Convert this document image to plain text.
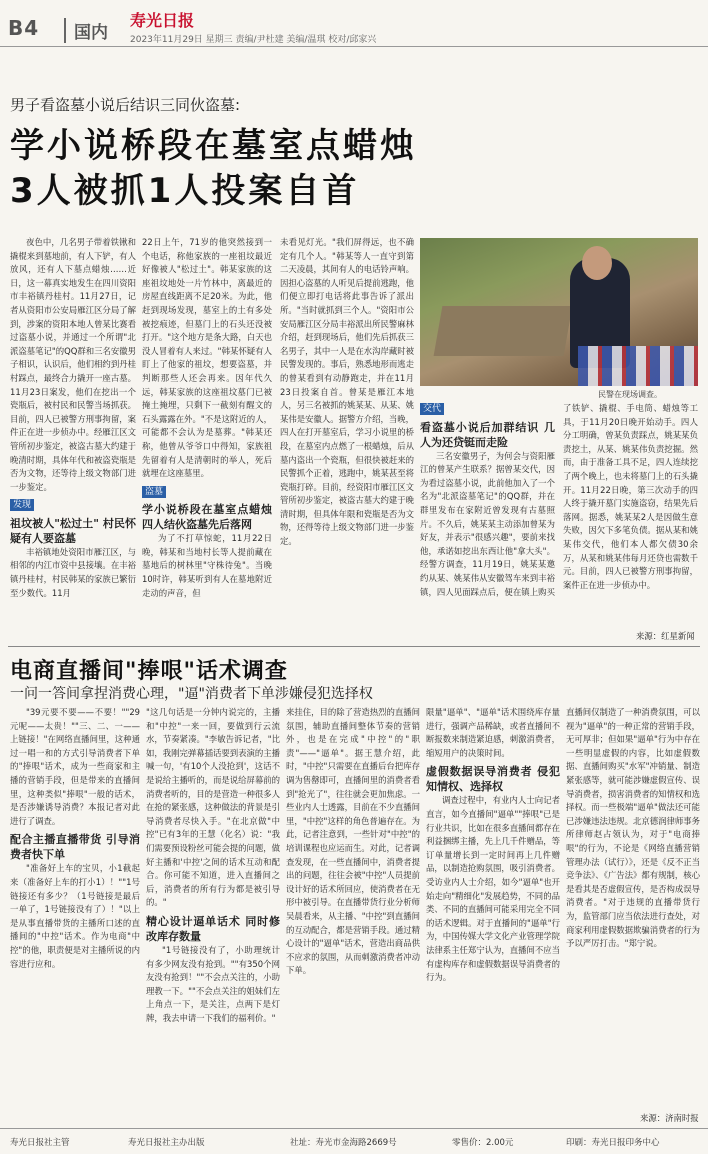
B4	国内
寿光日报
2023年11月29日 星期三 责编/尹杜建 美编/温琪 校对/邱家兴
男子看盗墓小说后结识三同伙盗墓:
学小说桥段在墓室点蜡烛
3人被抓1人投案自首
夜色中，几名男子带着铁锹和撬棍来到墓地前，有人下铲，有人放风，还有人下墓点蜡烛……近日，这一幕真实地发生在四川资阳市丰裕镇丹桂村。11月27日，记者从资阳市公安局雁江区分局了解到，涉案的资阳本地人曾某比赛看过盗墓小说，并通过一个所谓"北派盗墓笔记"的QQ群和三名安徽男子相识，认识后，他们相约到丹桂村踩点，最终合力撬开一座古墓。11月23日案发，他们在挖出一个瓷瓶后，被村民和民警当场抓获。目前，四人已被警方刑事拘留，案件正在进一步侦办中。经雁江区文管所初步鉴定，被盗古墓大约建于晚清时期，具体年代和被盗瓷瓶是否为文物，还等待上级文物部门进一步鉴定。
发现
祖坟被人"松过土" 村民怀疑有人要盗墓
丰裕镇地处资阳市雁江区，与相邻的内江市资中县接壤。在丰裕镇丹桂村，村民韩某的家族已繁衍至少数代。11月
22日上午，71岁的他突然接到一个电话，称他家族的一座祖坟最近好像被人"松过土"。韩某家族的这座祖坟地处一片竹林中，离最近的房屋直线距离不足20米。为此，他赶到现场发现，墓室上的土有多处被挖痕迹，但墓门上的石头还没被打开。"这个地方是条大路，白天也没人冒着有人来过。"韩某怀疑有人盯上了他家的祖坟，想要盗墓，并判断那些人还会再来。因年代久远，韩某家族的这座祖坟墓门已被掩土掩埋，只剩下一截刻有醒文的石头露露在外。"不是这附近的人，可能都不会认为是墓葬。"韩某还称，他曾从爷爷口中得知，家族祖先留着有人是清朝时的举人，死后就埋在这座墓里。
盗墓
学小说桥段在墓室点蜡烛 四人结伙盗墓先后落网
为了不打草惊蛇，11月22日晚，韩某和当地村长等人提前藏在墓地后的树林里"守株待兔"。当晚10时许，韩某听到有人在墓地附近走动的声音，但
未看见灯光。"我们屏得远，也不确定有几个人。"韩某等人一直守到第二天凌晨，其间有人的电话铃声响。因担心盗墓的人听见后提前逃跑，他们便立即打电话将此事告诉了派出所。"当时就抓到三个人。"资阳市公安局雁江区分局丰裕派出所民警麻林介绍，赶到现场后，他们先后抓获三名男子，其中一人是在水沟岸藏时被民警发现的。事后，熟悉地形而逃走的曾某看到有动静跑走，并在11月23日投案自首。曾某是雁江本地人，另三名被抓的姚某某、从某、姚某伟是安徽人。据警方介绍，当晚，四人在打开墓室后，学习小说里的桥段，在墓室内点燃了一根蜡烛，后从墓内盗出一个瓷瓶，但很快被赶来的民警抓个正着，逃跑中，姚某甚至将瓷瓶打碎。目前，经资阳市雁江区文管所初步鉴定，被盗古墓大约建于晚清时期，但具体年限和瓷瓶是否为文物，还得等待上级文物部门进一步鉴定。
民警在现场调查。
交代
看盗墓小说后加群结识 几人为还贷铤而走险
三名安徽男子，为何会与资阳雁江的曾某产生联系？据曾某交代，因为看过盗墓小说，此前他加入了一个名为"北派盗墓笔记"的QQ群，并在群里发布在家附近曾发现有古墓照片。不久后，姚某某主动添加曾某为好友，并表示"很感兴趣"，要前来找他，承诺如挖出东西让他"拿大头"。经警方调查，11月19日，姚某某邀约从某、姚某伟从安徽驾车来到丰裕镇，四人见面踩点后，便在镇上购买了铁铲、撬棍、手电筒、蜡烛等工具，于11月20日晚开始动手。四人分工明确，曾某负责踩点，姚某某负责挖土，从某、姚某伟负责挖掘。然而，由于准备工具不足，四人连续挖了两个晚上，也未将墓门上的石头撬开。11月22日晚，第三次动手的四人终于撬开墓门实施盗窃，结果先后落网。据悉，姚某某2人是因做生意失败，因欠下多笔负债。据从某和姚某伟交代，他们本人都欠债30余万，从某和姚某伟每月还贷也需数千元。目前，四人已被警方刑事拘留，案件正在进一步侦办中。
来源：红星新闻
电商直播间"捧哏"话术调查
一问一答间拿捏消费心理，"逼"消费者下单涉嫌侵犯选择权
"39元要不要——不要！""29元呢——太贵！""三、二、一——上链接！"在网络直播间里，这种通过一唱一和的方式引导消费者下单的"捧哏"话术，成为一些商家和主播的营销手段，但是带来的直播间里，这种类似"捧哏"一般的话术，是否涉嫌诱导消费？本报记者对此进行了调查。
配合主播直播带货 引导消费者快下单
"准备好上车的宝贝，小1截起来（准备好上车的打小1）！""1号链接还有多少？（1号链接是最后一单了，1号链接没有了）！"以上是从事直播带货的主播所口述的直播间的"中控"话术。作为电商"中控"的他，职责便是对主播所说的内容进行应和。
"这几句话是一分钟内说完的，主播和"中控"一来一回，要做到行云流水，节奏紧凑。"李敏告诉记者，"比如，我刚完弹幕插话要到表演的主播喊一句，'有10个人没抢到'，这话不是说给主播听的，而是说给屏幕前的消费者听的，目的是营造一种很多人在抢的紧张感，这种做法的背景是引导消费者尽快入手。"在北京做"中控"已有3年的王慧（化名）说："我们需要预设粉丝可能会提的问题，做好主播和'中控'之间的话术互动和配合。你可能不知道，进入直播间之后，消费者的所有行为都是被引导的。"
精心设计逼单话术 同时修改库存数量
"1号链接没有了，小助理统计有多少网友没有抢到。""有350个网友没有抢到！""不会点关注的，小助理教一下。""不会点关注的姐妹们左上角点一下，是关注，点两下是灯牌，我去申请一下我们的福利价。"
来挂住，目的除了营造热烈的直播间氛围，辅助直播间整体节奏的营销外，也是在完成"中控"的"职责"——"逼单"。据王慧介绍，此时，"中控"只需要在直播后台把库存调为售罄即可，直播间里的消费者看到"抢光了"，往往就会更加焦虑。一些业内人士透露，目前在不少直播间里，"中控"这样的角色普遍存在。为此，记者注意到，一些针对"中控"的培训课程也应运而生。对此，记者调查发现，在一些直播间中，消费者提出的问题，往往会被"中控"人员提前设计好的话术所回应，使消费者在无形中被引导。在直播带货行业分析师吴晨看来，从主播、"中控"到直播间的互动配合，都是营销手段。通过精心设计的"逼单"话术，营造出商品供不应求的氛围，从而刺激消费者冲动下单。
限量"逼单"、"逼单"话术围绕库存量进行，强调产品稀缺，或者直播间不断报数来制造紧迫感，刺激消费者，缩短用户的决策时间。
虚假数据误导消费者 侵犯知情权、选择权
调查过程中，有业内人士向记者直言，如今直播间"逼单""捧哏"已是行业共识，比如在很多直播间都存在利益捆绑主播，先上几千件赠品，等订单量增长到一定时间再上几件赠品，以制造抢购氛围，吸引消费者。受访业内人士介绍，如今"逼单"也开始走向"精细化"发展趋势，不同的品类、不同的直播间可能采用完全不同的话术逻辑。对于直播间的"逼单"行为，中国传媒大学文化产业管理学院法律系主任郑宁认为，直播间不应当有虚构库存和虚假数据误导消费者的行为。
直播间仅制造了一种消费氛围，可以视为"逼单"的一种正常的营销手段，无可厚非；但如果"逼单"行为中存在一些明显虚假的内容，比如虚假数据、直播间购买"水军"冲销量、制造紧张感等，就可能涉嫌虚假宣传、误导消费者，损害消费者的知情权和选择权。而一些极端"逼单"做法还可能已涉嫌违法违规。北京德润律师事务所律师赵占领认为，对于"电商捧哏"的行为，不论是《网络直播营销管理办法（试行）》，还是《反不正当竞争法》、《广告法》都有规制，核心是看其是否虚假宣传，是否构成误导消费者。"对于违规的直播带货行为，监管部门应当依法进行查处，对商家利用虚假数据欺骗消费者的行为予以严厉打击。"郑宁说。
来源：济南时报
寿光日报社主管	寿光日报社主办出版	社址：寿光市金海路2669号	零售价：2.00元	印刷：寿光日报印务中心
